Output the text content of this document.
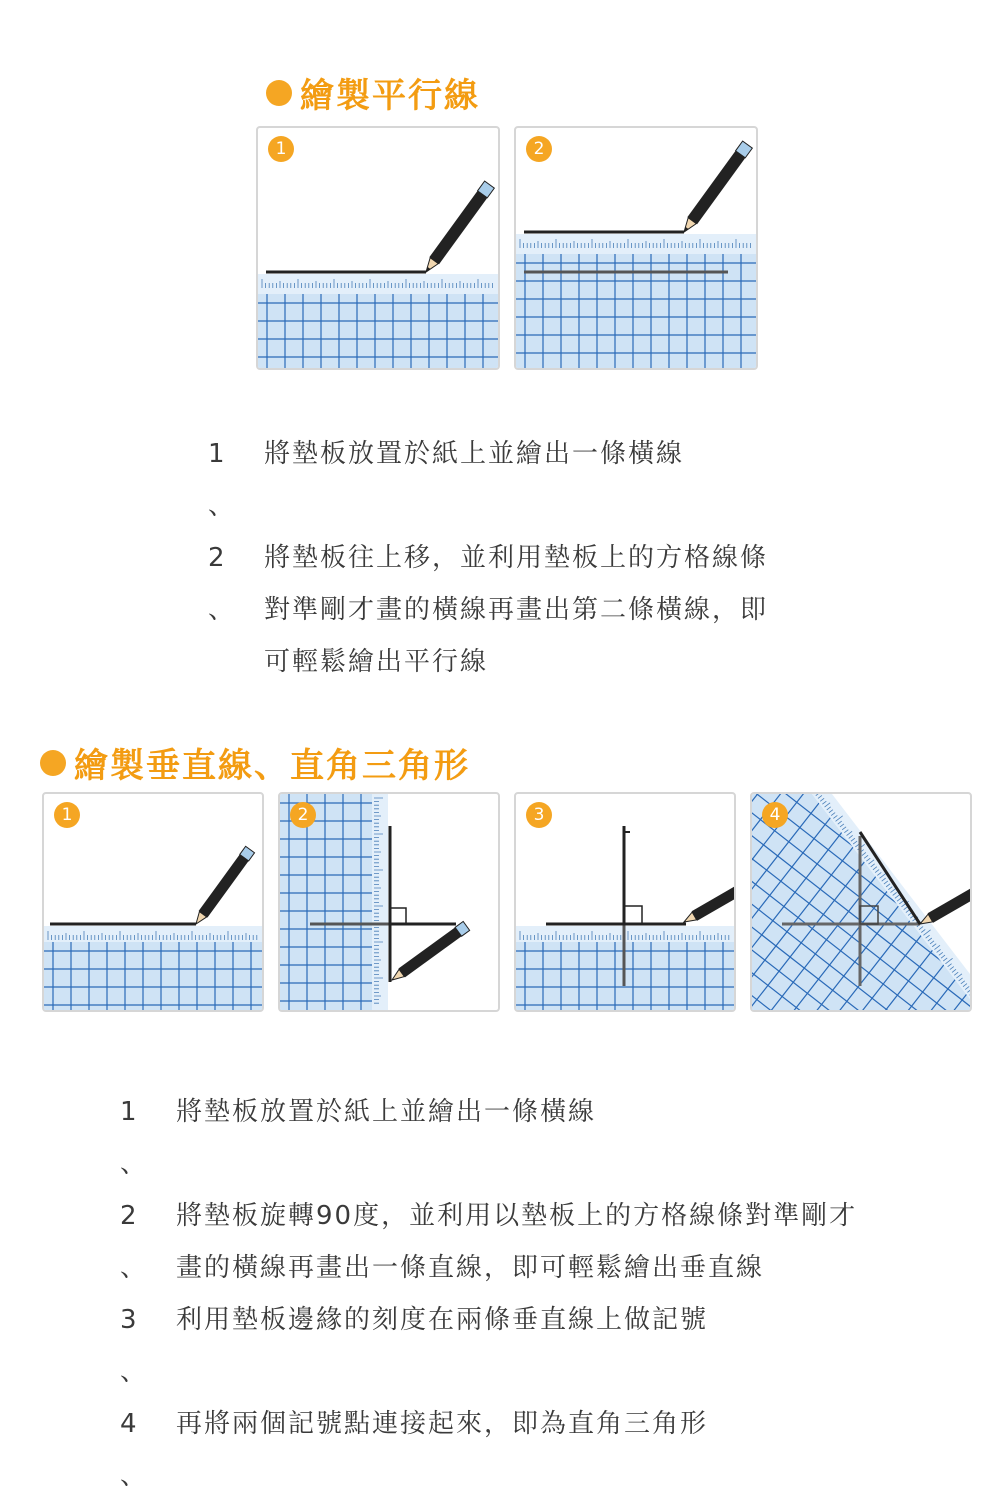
繪製平行線
1	2
1 、
將墊板放置於紙上並繪出一條橫線
2 、
將墊板往上移，並利用墊板上的方格線條
對準剛才畫的橫線再畫出第二條橫線，即
可輕鬆繪出平行線
繪製垂直線、直角三角形
1	2	3	4
1 、
將墊板放置於紙上並繪出一條橫線
2 、
將墊板旋轉90度，並利用以墊板上的方格線條對準剛才
畫的橫線再畫出一條直線，即可輕鬆繪出垂直線
3 、
利用墊板邊緣的刻度在兩條垂直線上做記號
4 、
再將兩個記號點連接起來，即為直角三角形
